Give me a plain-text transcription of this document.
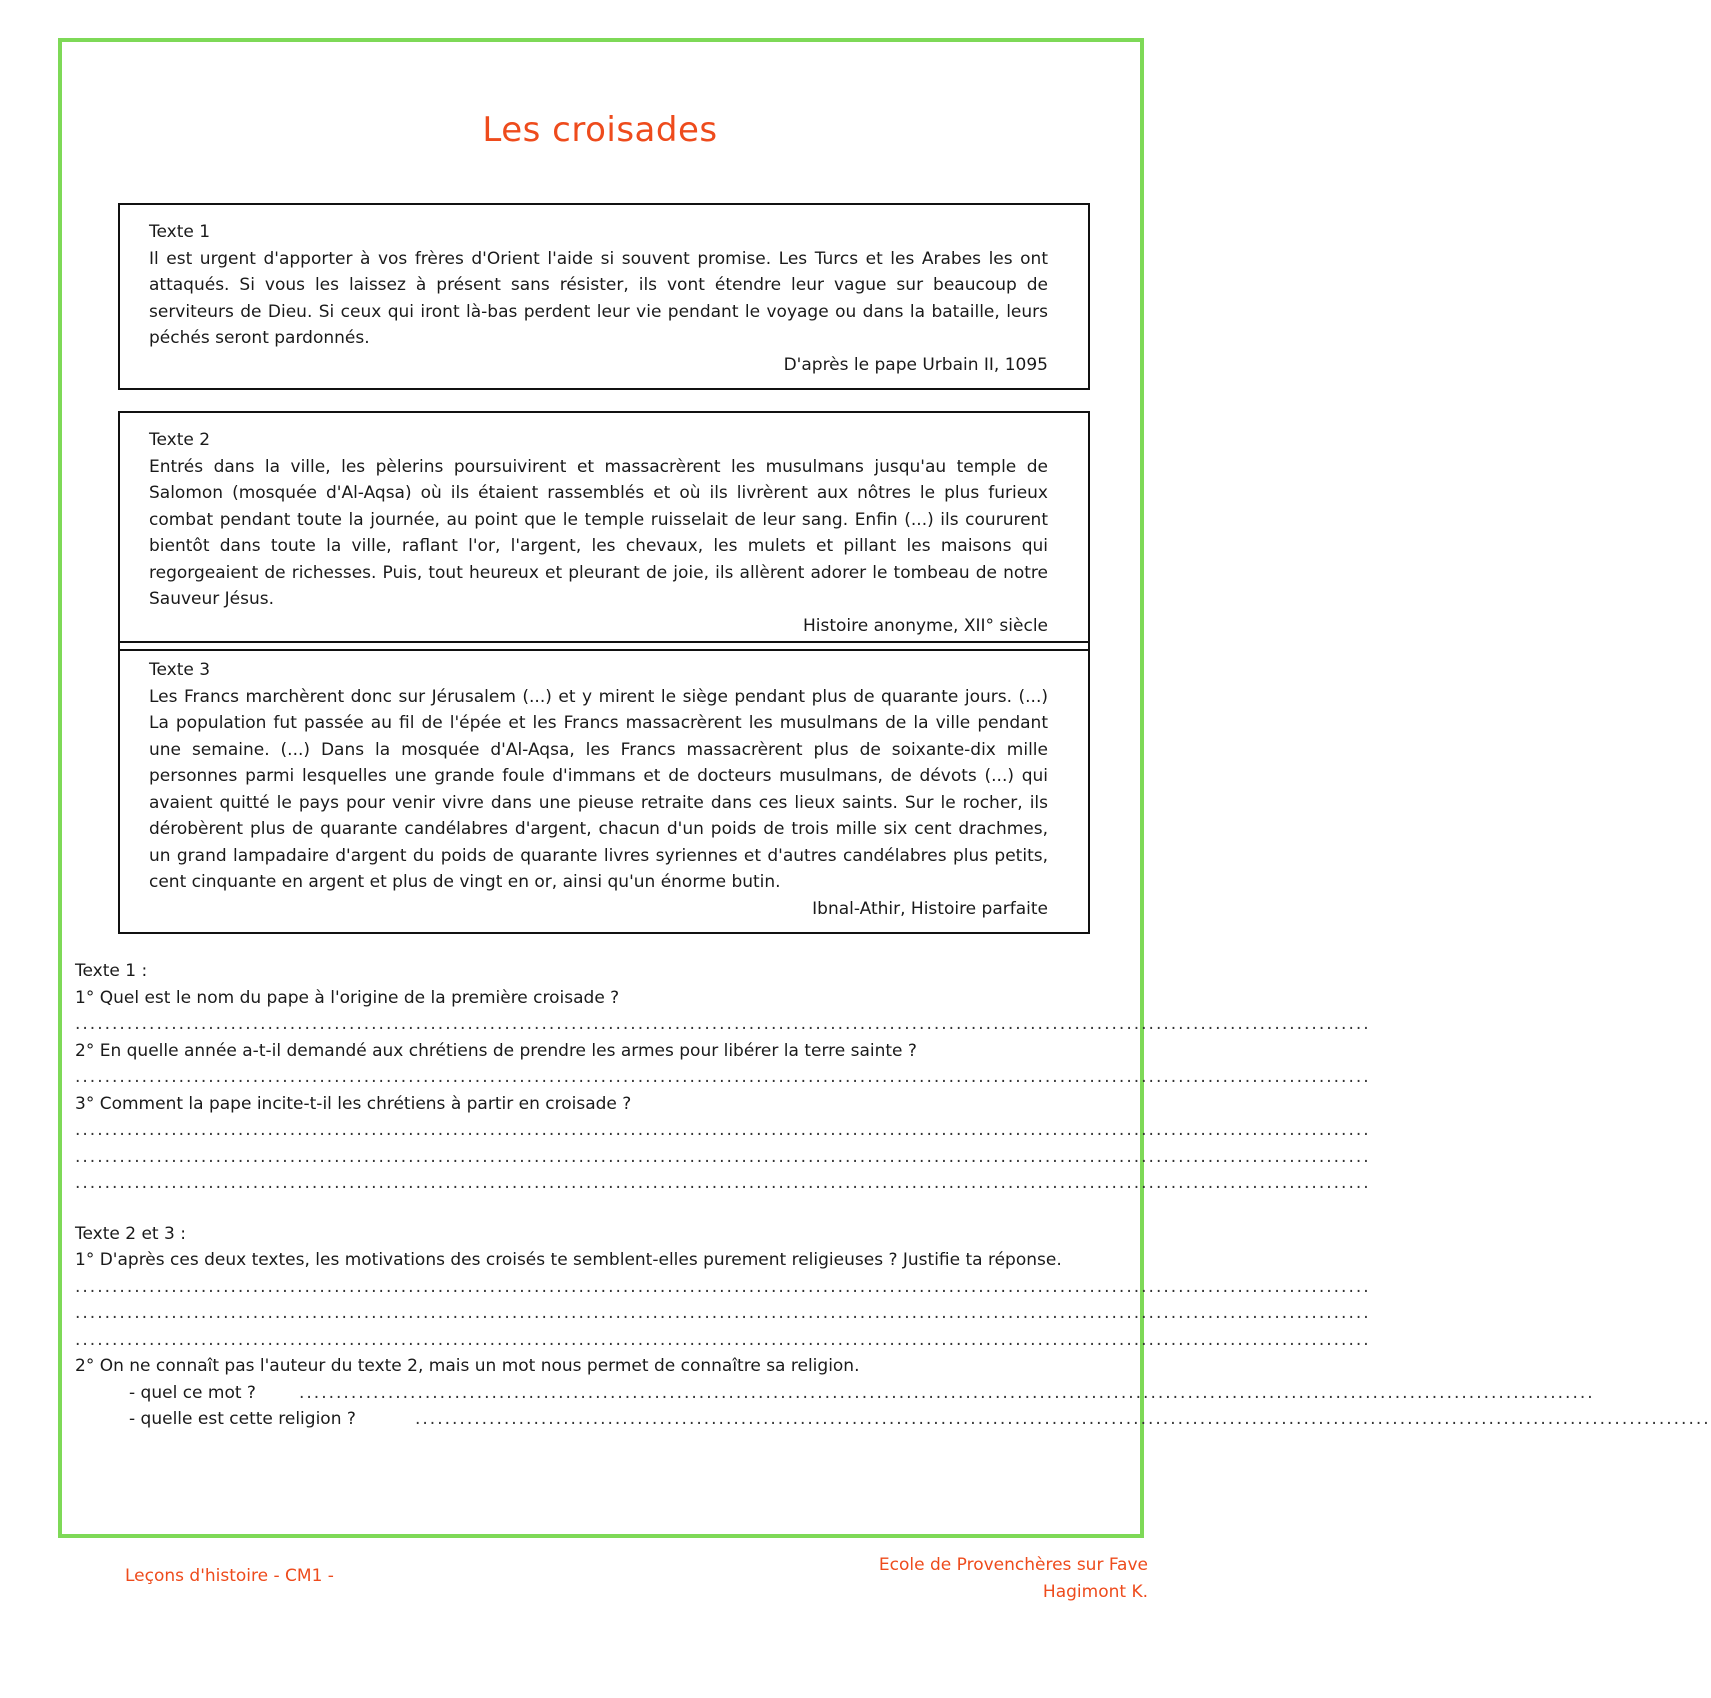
Les croisades
Texte 1
Il est urgent d'apporter à vos frères d'Orient l'aide si souvent promise. Les Turcs et les Arabes les ont attaqués. Si vous les laissez à présent sans résister, ils vont étendre leur vague sur beaucoup de serviteurs de Dieu. Si ceux qui iront là-bas perdent leur vie pendant le voyage ou dans la bataille, leurs péchés seront pardonnés.
D'après le pape Urbain II, 1095
Texte 2
Entrés dans la ville, les pèlerins poursuivirent et massacrèrent les musulmans jusqu'au temple de Salomon (mosquée d'Al-Aqsa) où ils étaient rassemblés et où ils livrèrent aux nôtres le plus furieux combat pendant toute la journée, au point que le temple ruisselait de leur sang. Enfin (...) ils coururent bientôt dans toute la ville, raflant l'or, l'argent, les chevaux, les mulets et pillant les maisons qui regorgeaient de richesses. Puis, tout heureux et pleurant de joie, ils allèrent adorer le tombeau de notre Sauveur Jésus.
Histoire anonyme, XII° siècle
Texte 3
Les Francs marchèrent donc sur Jérusalem (...) et y mirent le siège pendant plus de quarante jours. (...) La population fut passée au fil de l'épée et les Francs massacrèrent les musulmans de la ville pendant une semaine. (...) Dans la mosquée d'Al-Aqsa, les Francs massacrèrent plus de soixante-dix mille personnes parmi lesquelles une grande foule d'immans et de docteurs musulmans, de dévots (...) qui avaient quitté le pays pour venir vivre dans une pieuse retraite dans ces lieux saints. Sur le rocher, ils dérobèrent plus de quarante candélabres d'argent, chacun d'un poids de trois mille six cent drachmes, un grand lampadaire d'argent du poids de quarante livres syriennes et d'autres candélabres plus petits, cent cinquante en argent et plus de vingt en or, ainsi qu'un énorme butin.
Ibnal-Athir, Histoire parfaite
Texte 1 :
1° Quel est le nom du pape à l'origine de la première croisade ?
...............................................................................................................................................................................
2° En quelle année a-t-il demandé aux chrétiens de prendre les armes pour libérer la terre sainte ?
...............................................................................................................................................................................
3° Comment la pape incite-t-il les chrétiens à partir en croisade ?
...............................................................................................................................................................................
...............................................................................................................................................................................
...............................................................................................................................................................................
Texte 2 et 3 :
1° D'après ces deux textes, les motivations des croisés te semblent-elles purement religieuses ? Justifie ta réponse.
...............................................................................................................................................................................
...............................................................................................................................................................................
...............................................................................................................................................................................
2° On ne connaît pas l'auteur du texte 2, mais un mot nous permet de connaître sa religion.
- quel ce mot ?	...............................................................................................................................................................................
- quelle est cette religion ?	...............................................................................................................................................................................
Leçons d'histoire - CM1 -
Ecole de Provenchères sur Fave
Hagimont K.
